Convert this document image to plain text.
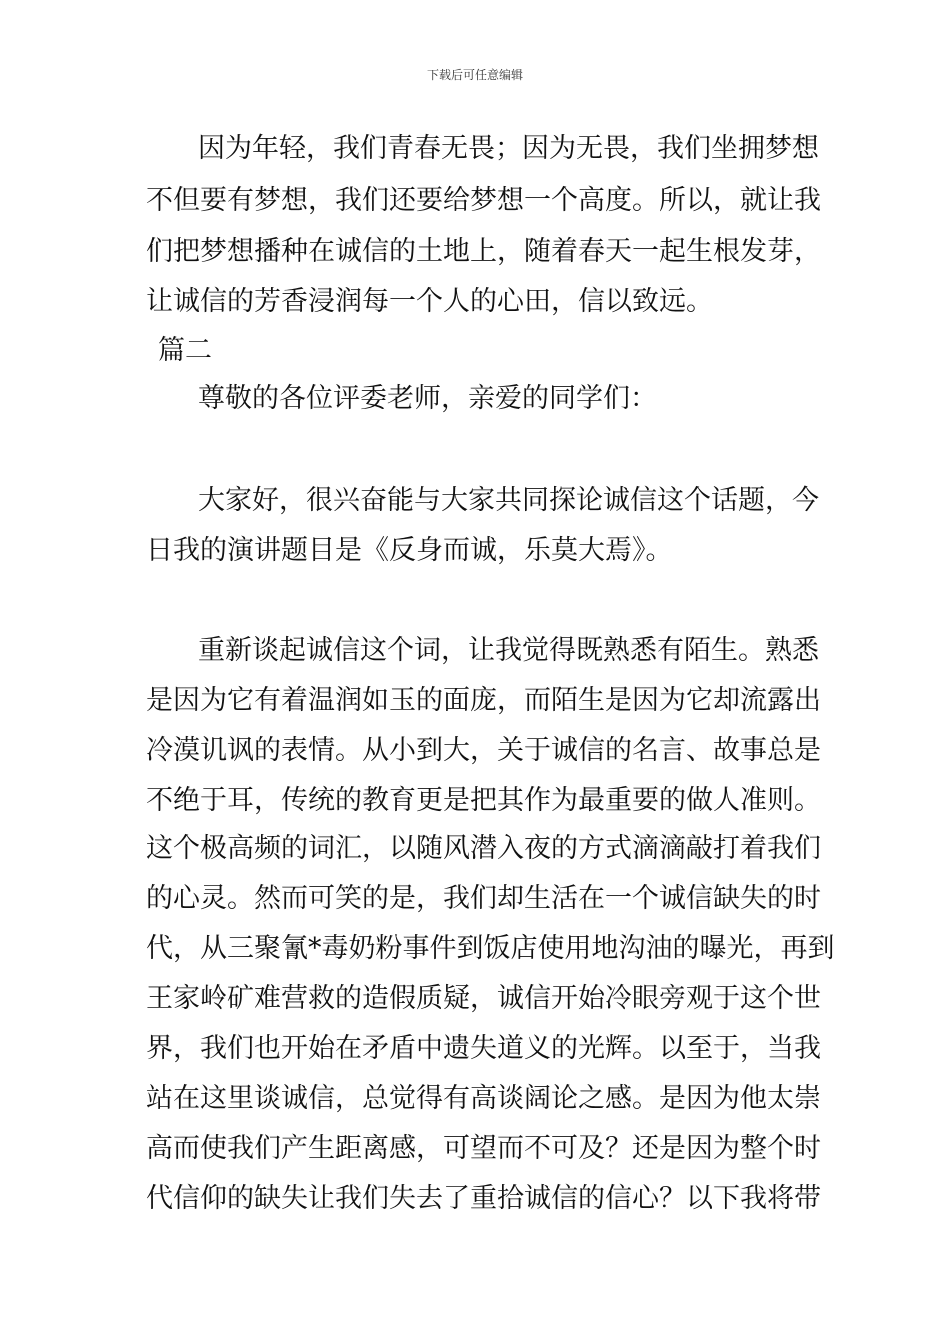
下载后可任意编辑
因为年轻，我们青春无畏；因为无畏，我们坐拥梦想
不但要有梦想，我们还要给梦想一个高度。所以，就让我
们把梦想播种在诚信的土地上，随着春天一起生根发芽，
让诚信的芳香浸润每一个人的心田，信以致远。
篇二
尊敬的各位评委老师，亲爱的同学们：
大家好，很兴奋能与大家共同探论诚信这个话题，今
日我的演讲题目是《反身而诚，乐莫大焉》。
重新谈起诚信这个词，让我觉得既熟悉有陌生。熟悉
是因为它有着温润如玉的面庞，而陌生是因为它却流露出
冷漠讥讽的表情。从小到大，关于诚信的名言、故事总是
不绝于耳，传统的教育更是把其作为最重要的做人准则。
这个极高频的词汇，以随风潜入夜的方式滴滴敲打着我们
的心灵。然而可笑的是，我们却生活在一个诚信缺失的时
代，从三聚氰*毒奶粉事件到饭店使用地沟油的曝光，再到
王家岭矿难营救的造假质疑，诚信开始冷眼旁观于这个世
界，我们也开始在矛盾中遗失道义的光辉。以至于，当我
站在这里谈诚信，总觉得有高谈阔论之感。是因为他太崇
高而使我们产生距离感，可望而不可及？还是因为整个时
代信仰的缺失让我们失去了重拾诚信的信心？以下我将带
